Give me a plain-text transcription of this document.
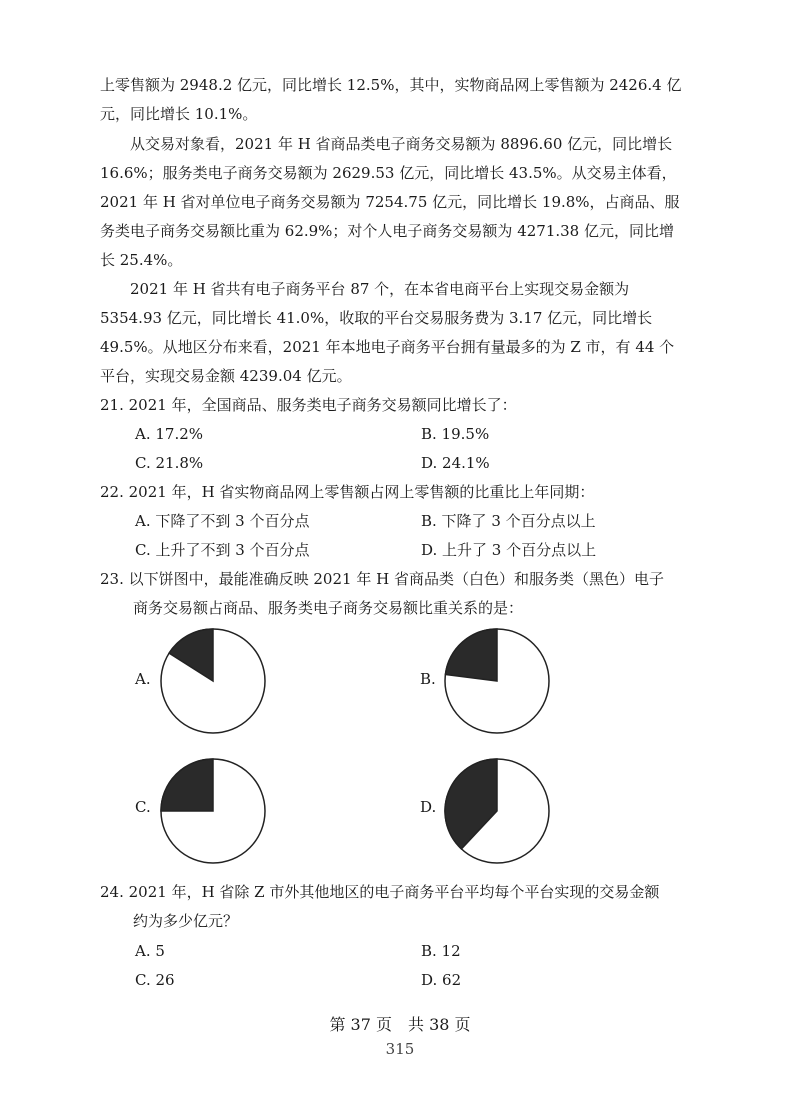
上零售额为 2948.2 亿元，同比增长 12.5%，其中，实物商品网上零售额为 2426.4 亿
元，同比增长 10.1%。
从交易对象看，2021 年 H 省商品类电子商务交易额为 8896.60 亿元，同比增长
16.6%；服务类电子商务交易额为 2629.53 亿元，同比增长 43.5%。从交易主体看，
2021 年 H 省对单位电子商务交易额为 7254.75 亿元，同比增长 19.8%，占商品、服
务类电子商务交易额比重为 62.9%；对个人电子商务交易额为 4271.38 亿元，同比增
长 25.4%。
2021 年 H 省共有电子商务平台 87 个，在本省电商平台上实现交易金额为
5354.93 亿元，同比增长 41.0%，收取的平台交易服务费为 3.17 亿元，同比增长
49.5%。从地区分布来看，2021 年本地电子商务平台拥有量最多的为 Z 市，有 44 个
平台，实现交易金额 4239.04 亿元。
21. 2021 年，全国商品、服务类电子商务交易额同比增长了：
A. 17.2%	B. 19.5%
C. 21.8%	D. 24.1%
22. 2021 年，H 省实物商品网上零售额占网上零售额的比重比上年同期：
A. 下降了不到 3 个百分点	B. 下降了 3 个百分点以上
C. 上升了不到 3 个百分点	D. 上升了 3 个百分点以上
23. 以下饼图中，最能准确反映 2021 年 H 省商品类（白色）和服务类（黑色）电子
商务交易额占商品、服务类电子商务交易额比重关系的是：
A.	B.
C.	D.
24. 2021 年，H 省除 Z 市外其他地区的电子商务平台平均每个平台实现的交易金额
约为多少亿元？
A. 5	B. 12
C. 26	D. 62
第 37 页　共 38 页
315
